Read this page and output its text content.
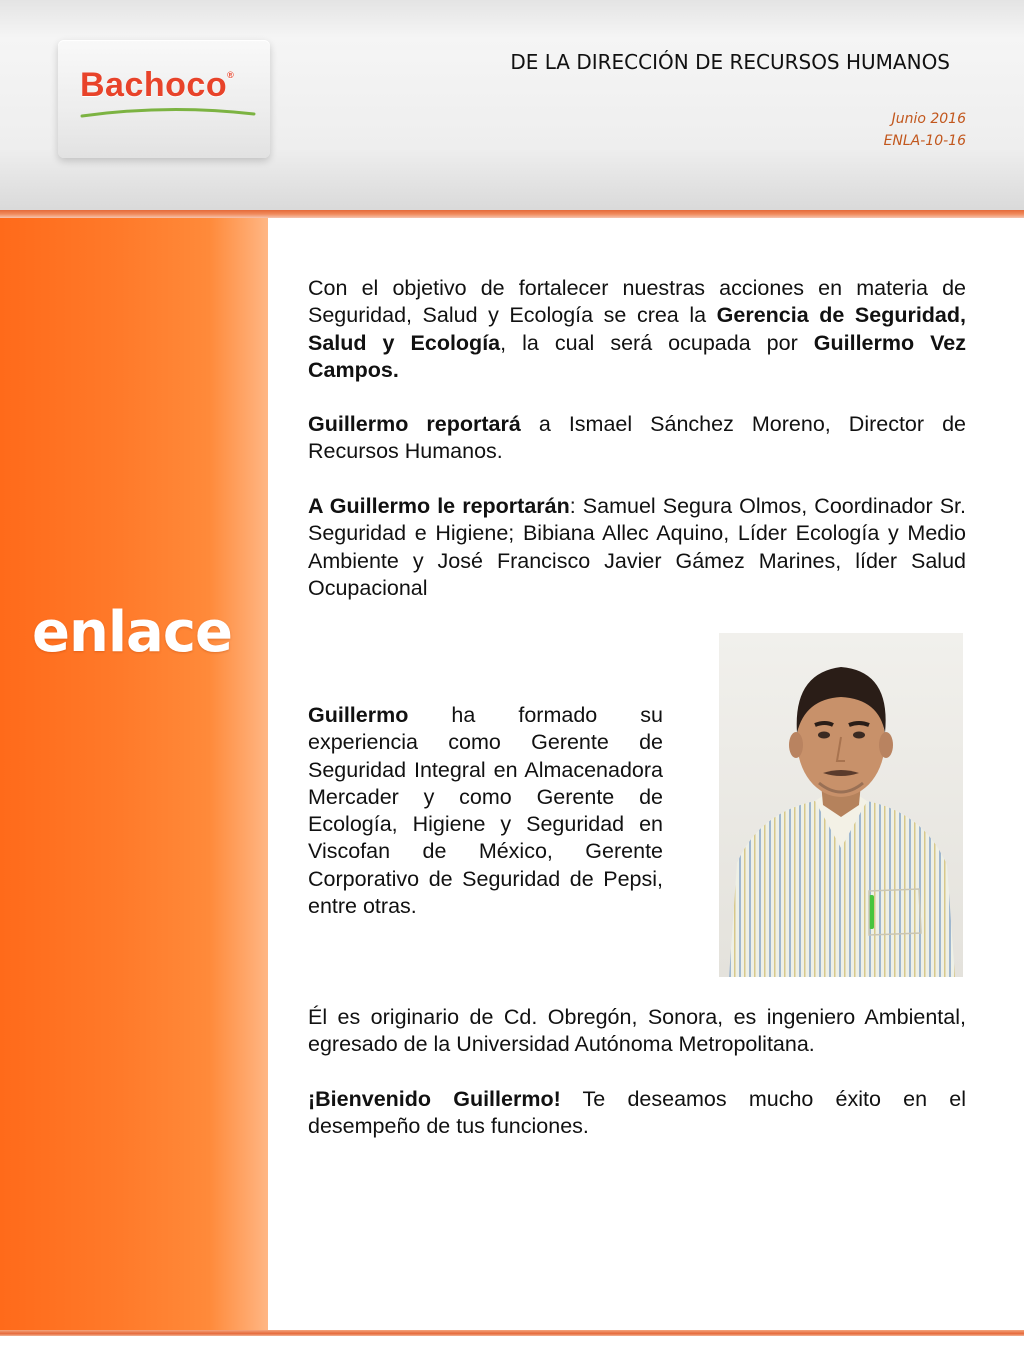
Bachoco®
DE LA DIRECCIÓN DE RECURSOS HUMANOS
Junio 2016
ENLA-10-16
enlace

Con el objetivo de fortalecer nuestras acciones en materia de Seguridad, Salud y Ecología se crea la Gerencia de Seguridad, Salud y Ecología, la cual será ocupada por Guillermo Vez Campos.

Guillermo reportará a Ismael Sánchez Moreno, Director de Recursos Humanos.

A Guillermo le reportarán: Samuel Segura Olmos, Coordinador Sr. Seguridad e Higiene; Bibiana Allec Aquino, Líder Ecología y Medio Ambiente y José Francisco Javier Gámez Marines, líder Salud Ocupacional

Guillermo ha formado su experiencia como Gerente de Seguridad Integral en Almacenadora Mercader y como Gerente de Ecología, Higiene y Seguridad en Viscofan de México, Gerente Corporativo de Seguridad de Pepsi, entre otras.

Él es originario de Cd. Obregón, Sonora, es ingeniero Ambiental, egresado de la Universidad Autónoma Metropolitana.

¡Bienvenido Guillermo! Te deseamos mucho éxito en el desempeño de tus funciones.
